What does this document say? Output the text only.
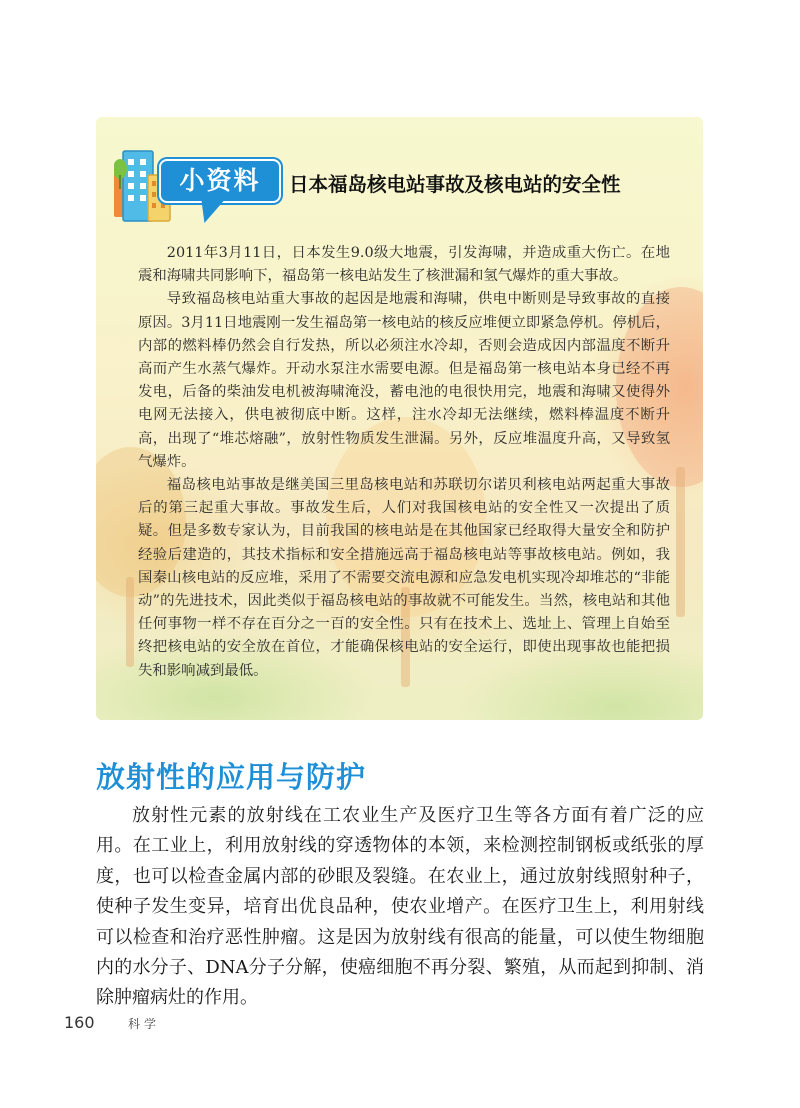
小资料	日本福岛核电站事故及核电站的安全性

2011年3月11日，日本发生9.0级大地震，引发海啸，并造成重大伤亡。在地震和海啸共同影响下，福岛第一核电站发生了核泄漏和氢气爆炸的重大事故。

导致福岛核电站重大事故的起因是地震和海啸，供电中断则是导致事故的直接原因。3月11日地震刚一发生福岛第一核电站的核反应堆便立即紧急停机。停机后，内部的燃料棒仍然会自行发热，所以必须注水冷却，否则会造成因内部温度不断升高而产生水蒸气爆炸。开动水泵注水需要电源。但是福岛第一核电站本身已经不再发电，后备的柴油发电机被海啸淹没，蓄电池的电很快用完，地震和海啸又使得外电网无法接入，供电被彻底中断。这样，注水冷却无法继续，燃料棒温度不断升高，出现了“堆芯熔融”，放射性物质发生泄漏。另外，反应堆温度升高，又导致氢气爆炸。

福岛核电站事故是继美国三里岛核电站和苏联切尔诺贝利核电站两起重大事故后的第三起重大事故。事故发生后，人们对我国核电站的安全性又一次提出了质疑。但是多数专家认为，目前我国的核电站是在其他国家已经取得大量安全和防护经验后建造的，其技术指标和安全措施远高于福岛核电站等事故核电站。例如，我国秦山核电站的反应堆，采用了不需要交流电源和应急发电机实现冷却堆芯的“非能动”的先进技术，因此类似于福岛核电站的事故就不可能发生。当然，核电站和其他任何事物一样不存在百分之一百的安全性。只有在技术上、选址上、管理上自始至终把核电站的安全放在首位，才能确保核电站的安全运行，即使出现事故也能把损失和影响减到最低。

放射性的应用与防护

放射性元素的放射线在工农业生产及医疗卫生等各方面有着广泛的应用。在工业上，利用放射线的穿透物体的本领，来检测控制钢板或纸张的厚度，也可以检查金属内部的砂眼及裂缝。在农业上，通过放射线照射种子，使种子发生变异，培育出优良品种，使农业增产。在医疗卫生上，利用射线可以检查和治疗恶性肿瘤。这是因为放射线有很高的能量，可以使生物细胞内的水分子、DNA分子分解，使癌细胞不再分裂、繁殖，从而起到抑制、消除肿瘤病灶的作用。

160	科学
